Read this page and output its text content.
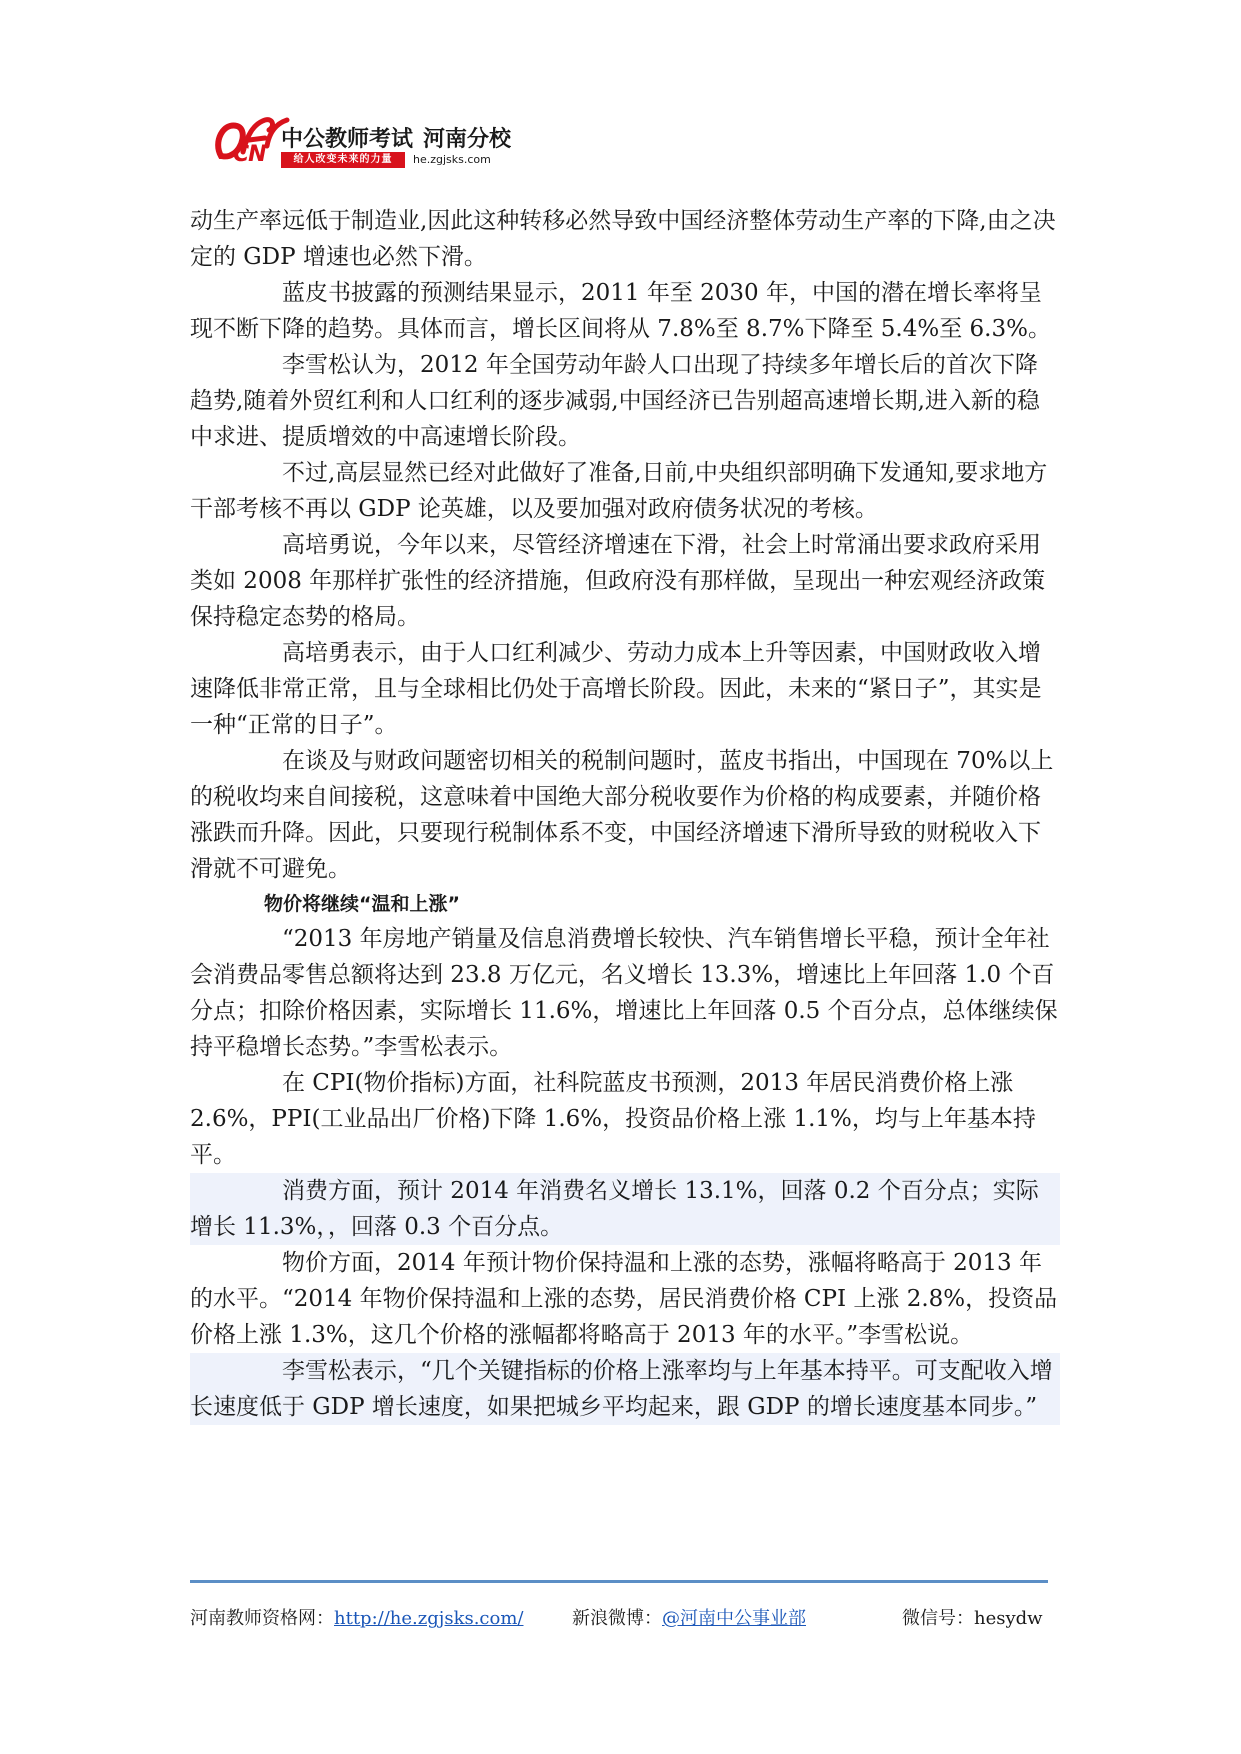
CN
中公教师考试 河南分校
给人改变未来的力量	he.zgjsks.com

动生产率远低于制造业,因此这种转移必然导致中国经济整体劳动生产率的下降,由之决定的 GDP 增速也必然下滑。

蓝皮书披露的预测结果显示，2011 年至 2030 年，中国的潜在增长率将呈现不断下降的趋势。具体而言，增长区间将从 7.8%至 8.7%下降至 5.4%至 6.3%。

李雪松认为，2012 年全国劳动年龄人口出现了持续多年增长后的首次下降趋势,随着外贸红利和人口红利的逐步减弱,中国经济已告别超高速增长期,进入新的稳中求进、提质增效的中高速增长阶段。

不过,高层显然已经对此做好了准备,日前,中央组织部明确下发通知,要求地方干部考核不再以 GDP 论英雄，以及要加强对政府债务状况的考核。

高培勇说，今年以来，尽管经济增速在下滑，社会上时常涌出要求政府采用类如 2008 年那样扩张性的经济措施，但政府没有那样做，呈现出一种宏观经济政策保持稳定态势的格局。

高培勇表示，由于人口红利减少、劳动力成本上升等因素，中国财政收入增速降低非常正常，且与全球相比仍处于高增长阶段。因此，未来的“紧日子”，其实是一种“正常的日子”。

在谈及与财政问题密切相关的税制问题时，蓝皮书指出，中国现在 70%以上的税收均来自间接税，这意味着中国绝大部分税收要作为价格的构成要素，并随价格涨跌而升降。因此，只要现行税制体系不变，中国经济增速下滑所导致的财税收入下滑就不可避免。

物价将继续“温和上涨”

“2013 年房地产销量及信息消费增长较快、汽车销售增长平稳，预计全年社会消费品零售总额将达到 23.8 万亿元，名义增长 13.3%，增速比上年回落 1.0 个百分点；扣除价格因素，实际增长 11.6%，增速比上年回落 0.5 个百分点，总体继续保持平稳增长态势。”李雪松表示。

在 CPI(物价指标)方面，社科院蓝皮书预测，2013 年居民消费价格上涨 2.6%，PPI(工业品出厂价格)下降 1.6%，投资品价格上涨 1.1%，均与上年基本持平。

消费方面，预计 2014 年消费名义增长 13.1%，回落 0.2 个百分点；实际增长 11.3%，，回落 0.3 个百分点。

物价方面，2014 年预计物价保持温和上涨的态势，涨幅将略高于 2013 年的水平。“2014 年物价保持温和上涨的态势，居民消费价格 CPI 上涨 2.8%，投资品价格上涨 1.3%，这几个价格的涨幅都将略高于 2013 年的水平。”李雪松说。

李雪松表示，“几个关键指标的价格上涨率均与上年基本持平。可支配收入增长速度低于 GDP 增长速度，如果把城乡平均起来，跟 GDP 的增长速度基本同步。”

河南教师资格网：http://he.zgjsks.com/	新浪微博：@河南中公事业部	微信号：hesydw
